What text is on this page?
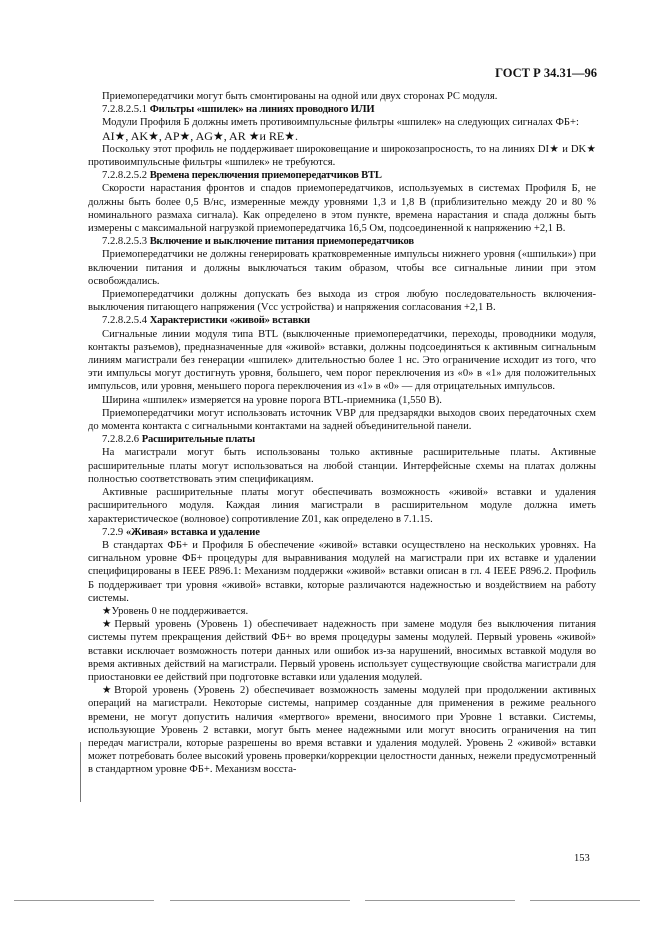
ГОСТ Р 34.31—96

Приемопередатчики могут быть смонтированы на одной или двух сторонах РС модуля.

7.2.8.2.5.1 Фильтры «шпилек» на линиях проводного ИЛИ

Модули Профиля Б должны иметь противоимпульсные фильтры «шпилек» на следующих сигналах ФБ+:

AI★, AK★, AP★, AG★, AR ★и RE★.

Поскольку этот профиль не поддерживает широковещание и широкозапросность, то на линиях DI★ и DK★ противоимпульсные фильтры «шпилек» не требуются.

7.2.8.2.5.2 Времена переключения приемопередатчиков BTL

Скорости нарастания фронтов и спадов приемопередатчиков, используемых в системах Профиля Б, не должны быть более 0,5 В/нс, измеренные между уровнями 1,3 и 1,8 В (приблизительно между 20 и 80 % номинального размаха сигнала). Как определено в этом пункте, времена нарастания и спада должны быть измерены с максимальной нагрузкой приемопередатчика 16,5 Ом, подсоединенной к напряжению +2,1 В.

7.2.8.2.5.3 Включение и выключение питания приемопередатчиков

Приемопередатчики не должны генерировать кратковременные импульсы нижнего уровня («шпильки») при включении питания и должны выключаться таким образом, чтобы все сигнальные линии при этом освобождались.

Приемопередатчики должны допускать без выхода из строя любую последовательность включения-выключения питающего напряжения (Vcc устройства) и напряжения согласования +2,1 В.

7.2.8.2.5.4 Характеристики «живой» вставки

Сигнальные линии модуля типа BTL (выключенные приемопередатчики, переходы, проводники модуля, контакты разъемов), предназначенные для «живой» вставки, должны подсоединяться к активным сигнальным линиям магистрали без генерации «шпилек» длительностью более 1 нс. Это ограничение исходит из того, что эти импульсы могут достигнуть уровня, большего, чем порог переключения из «0» в «1» для положительных импульсов, или уровня, меньшего порога переключения из «1» в «0» — для отрицательных импульсов.

Ширина «шпилек» измеряется на уровне порога BTL-приемника (1,550 В).

Приемопередатчики могут использовать источник VBP для предзарядки выходов своих передаточных схем до момента контакта с сигнальными контактами на задней объединительной панели.

7.2.8.2.6 Расширительные платы

На магистрали могут быть использованы только активные расширительные платы. Активные расширительные платы могут использоваться на любой станции. Интерфейсные схемы на платах должны полностью соответствовать этим спецификациям.

Активные расширительные платы могут обеспечивать возможность «живой» вставки и удаления расширительного модуля. Каждая линия магистрали в расширительном модуле должна иметь характеристическое (волновое) сопротивление Z01, как определено в 7.1.15.

7.2.9 «Живая» вставка и удаление

В стандартах ФБ+ и Профиля Б обеспечение «живой» вставки осуществлено на нескольких уровнях. На сигнальном уровне ФБ+ процедуры для выравнивания модулей на магистрали при их вставке и удалении специфицированы в IEEE P896.1: Механизм поддержки «живой» вставки описан в гл. 4 IEEE P896.2. Профиль Б поддерживает три уровня «живой» вставки, которые различаются надежностью и воздействием на работу системы.

★Уровень 0 не поддерживается.

★Первый уровень (Уровень 1) обеспечивает надежность при замене модуля без выключения питания системы путем прекращения действий ФБ+ во время процедуры замены модулей. Первый уровень «живой» вставки исключает возможность потери данных или ошибок из-за нарушений, вносимых вставкой модуля во время активных действий на магистрали. Первый уровень использует существующие свойства магистрали для приостановки ее действий при подготовке вставки или удаления модулей.

★Второй уровень (Уровень 2) обеспечивает возможность замены модулей при продолжении активных операций на магистрали. Некоторые системы, например созданные для применения в режиме реального времени, не могут допустить наличия «мертвого» времени, вносимого при Уровне 1 вставки. Системы, использующие Уровень 2 вставки, могут быть менее надежными или могут вносить ограничения на тип передач магистрали, которые разрешены во время вставки и удаления модулей. Уровень 2 «живой» вставки может потребовать более высокий уровень проверки/коррекции целостности данных, нежели предусмотренный в стандартном уровне ФБ+. Механизм восста-

153
